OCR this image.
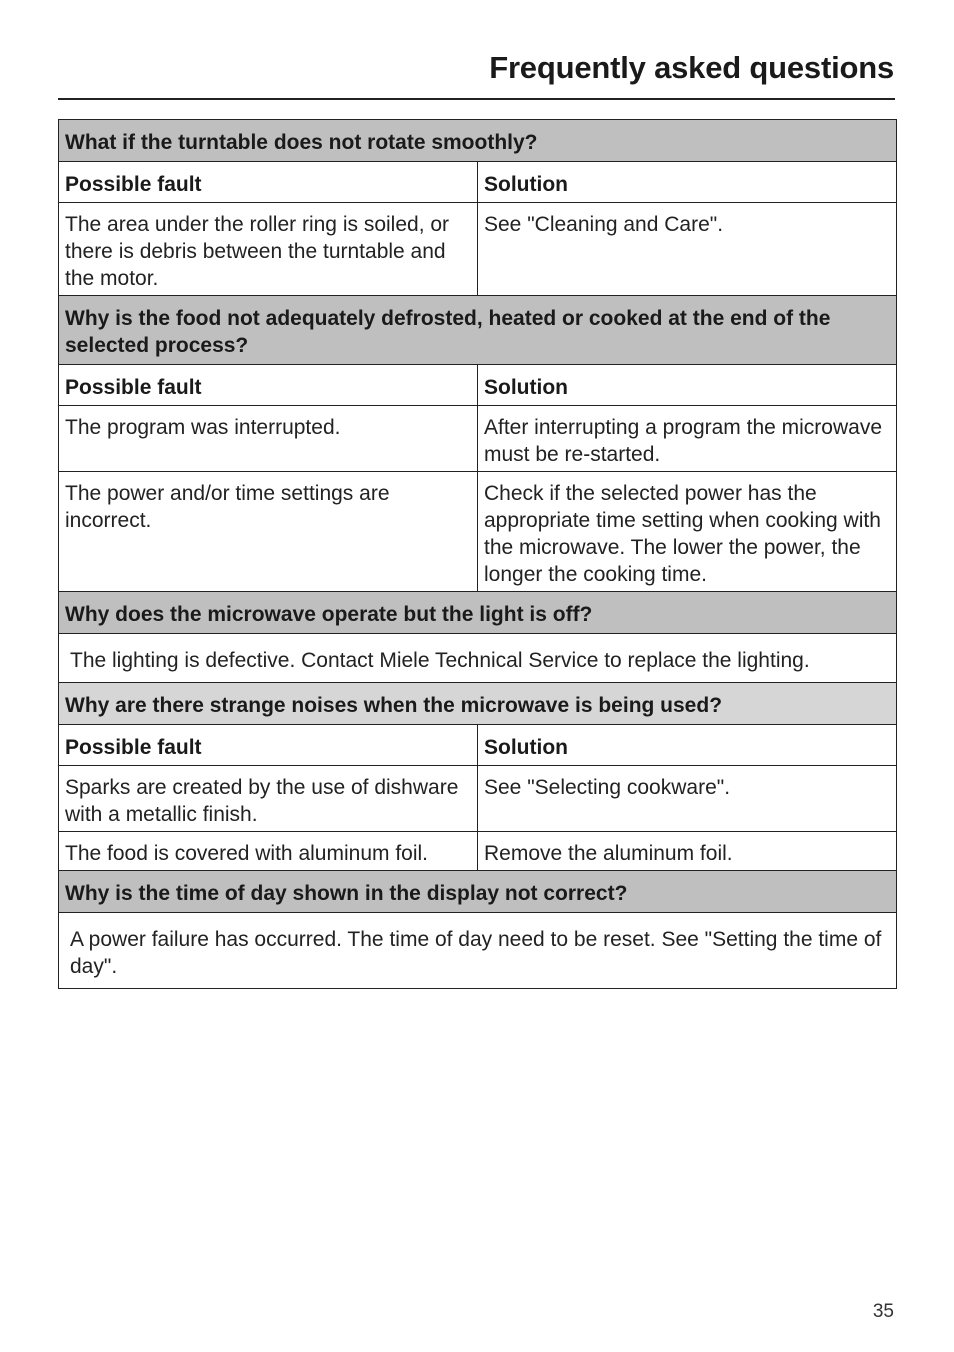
Frequently asked questions
What if the turntable does not rotate smoothly?	
Possible fault	Solution
The area under the roller ring is soiled, or there is debris between the turntable and the motor.	See "Cleaning and Care".
Why is the food not adequately defrosted, heated or cooked at the end of the selected process?	
Possible fault	Solution
The program was interrupted.	After interrupting a program the microwave must be re-started.
The power and/or time settings are incorrect.	Check if the selected power has the appropriate time setting when cooking with the microwave. The lower the power, the longer the cooking time.
Why does the microwave operate but the light is off?	
The lighting is defective. Contact Miele Technical Service to replace the lighting.	
Why are there strange noises when the microwave is being used?	
Possible fault	Solution
Sparks are created by the use of dishware with a metallic finish.	See "Selecting cookware".
The food is covered with aluminum foil.	Remove the aluminum foil.
Why is the time of day shown in the display not correct?	
A power failure has occurred. The time of day need to be reset. See "Setting the time of day".	
35
